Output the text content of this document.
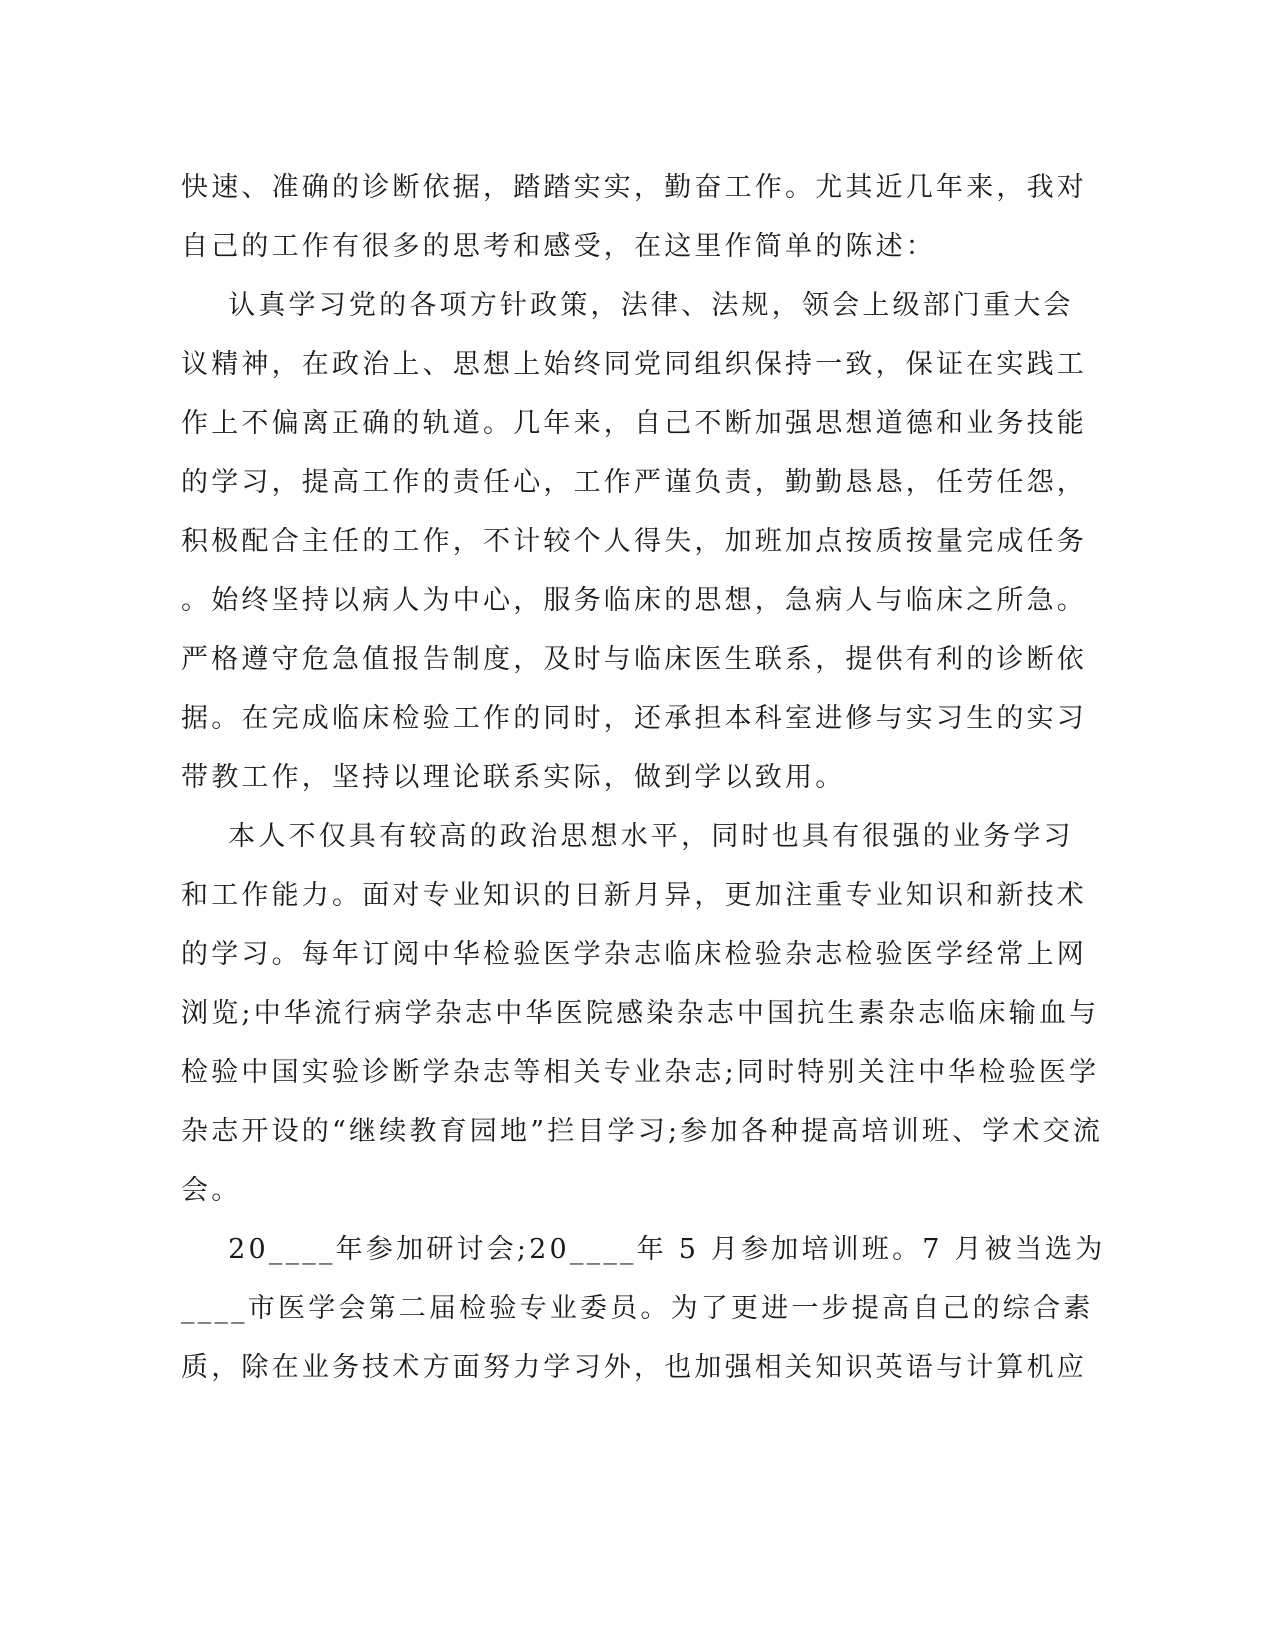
快速、准确的诊断依据，踏踏实实，勤奋工作。尤其近几年来，我对
自己的工作有很多的思考和感受，在这里作简单的陈述：
认真学习党的各项方针政策，法律、法规，领会上级部门重大会
议精神，在政治上、思想上始终同党同组织保持一致，保证在实践工
作上不偏离正确的轨道。几年来，自己不断加强思想道德和业务技能
的学习，提高工作的责任心，工作严谨负责，勤勤恳恳，任劳任怨，
积极配合主任的工作，不计较个人得失，加班加点按质按量完成任务
。始终坚持以病人为中心，服务临床的思想，急病人与临床之所急。
严格遵守危急值报告制度，及时与临床医生联系，提供有利的诊断依
据。在完成临床检验工作的同时，还承担本科室进修与实习生的实习
带教工作，坚持以理论联系实际，做到学以致用。
本人不仅具有较高的政治思想水平，同时也具有很强的业务学习
和工作能力。面对专业知识的日新月异，更加注重专业知识和新技术
的学习。每年订阅中华检验医学杂志临床检验杂志检验医学经常上网
浏览;中华流行病学杂志中华医院感染杂志中国抗生素杂志临床输血与
检验中国实验诊断学杂志等相关专业杂志;同时特别关注中华检验医学
杂志开设的“继续教育园地”拦目学习;参加各种提高培训班、学术交流
会。
20____年参加研讨会;20____年 5 月参加培训班。7 月被当选为
____市医学会第二届检验专业委员。为了更进一步提高自己的综合素
质，除在业务技术方面努力学习外，也加强相关知识英语与计算机应
